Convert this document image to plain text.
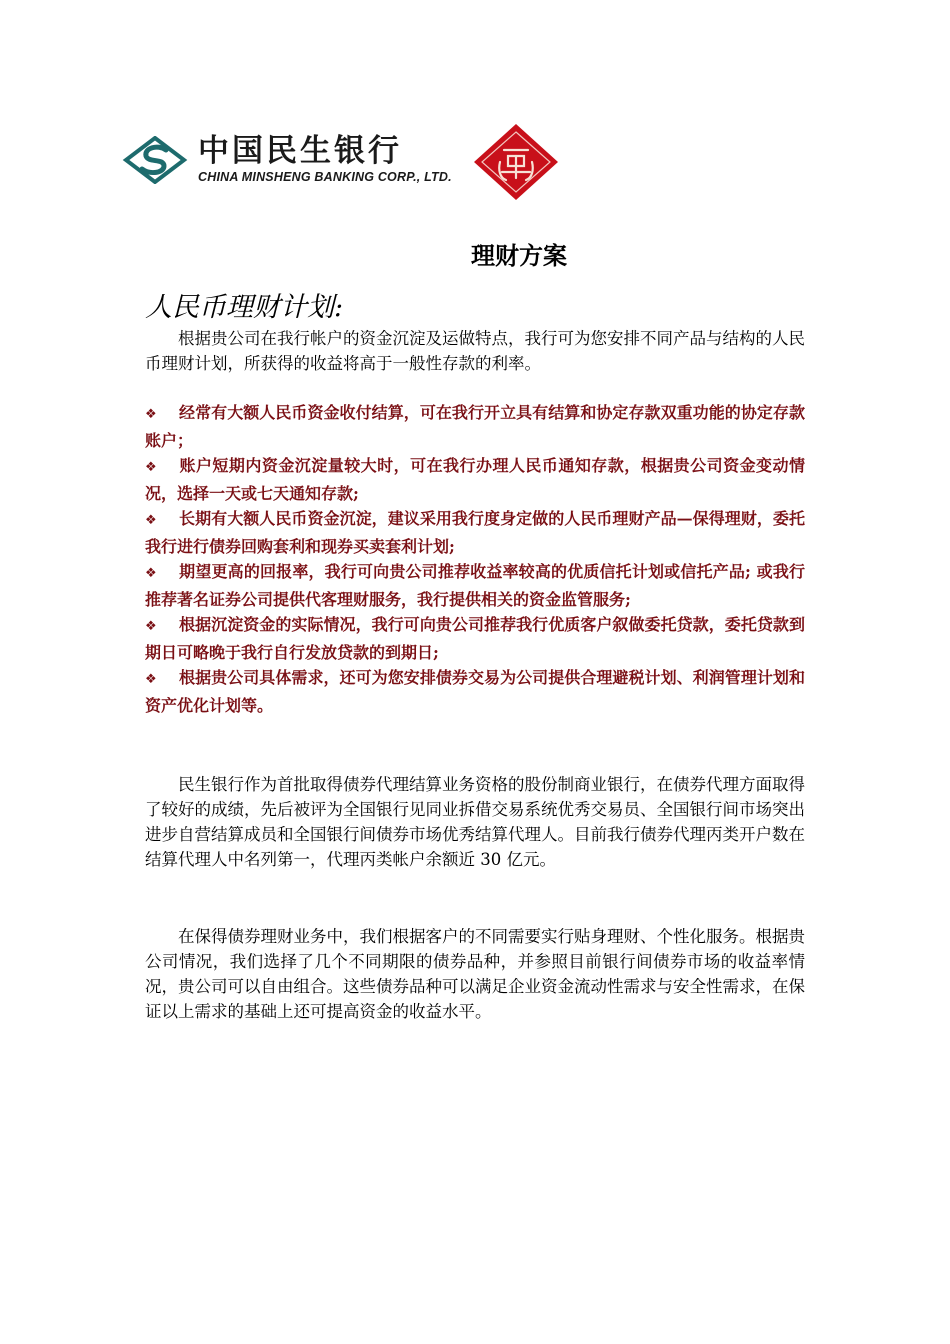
中国民生银行
CHINA MINSHENG BANKING CORP., LTD.
理财方案
人民币理财计划:

根据贵公司在我行帐户的资金沉淀及运做特点，我行可为您安排不同产品与结构的人民币理财计划，所获得的收益将高于一般性存款的利率。

❖ 经常有大额人民币资金收付结算，可在我行开立具有结算和协定存款双重功能的协定存款账户；

❖ 账户短期内资金沉淀量较大时，可在我行办理人民币通知存款，根据贵公司资金变动情况，选择一天或七天通知存款;

❖ 长期有大额人民币资金沉淀，建议采用我行度身定做的人民币理财产品—保得理财，委托我行进行债券回购套利和现券买卖套利计划;

❖ 期望更高的回报率，我行可向贵公司推荐收益率较高的优质信托计划或信托产品; 或我行推荐著名证券公司提供代客理财服务，我行提供相关的资金监管服务;

❖ 根据沉淀资金的实际情况，我行可向贵公司推荐我行优质客户叙做委托贷款，委托贷款到期日可略晚于我行自行发放贷款的到期日;

❖ 根据贵公司具体需求，还可为您安排债券交易为公司提供合理避税计划、利润管理计划和资产优化计划等。

民生银行作为首批取得债券代理结算业务资格的股份制商业银行，在债券代理方面取得了较好的成绩，先后被评为全国银行见同业拆借交易系统优秀交易员、全国银行间市场突出进步自营结算成员和全国银行间债券市场优秀结算代理人。目前我行债券代理丙类开户数在结算代理人中名列第一，代理丙类帐户余额近 30 亿元。

在保得债券理财业务中，我们根据客户的不同需要实行贴身理财、个性化服务。根据贵公司情况，我们选择了几个不同期限的债券品种，并参照目前银行间债券市场的收益率情况，贵公司可以自由组合。这些债券品种可以满足企业资金流动性需求与安全性需求，在保证以上需求的基础上还可提高资金的收益水平。
